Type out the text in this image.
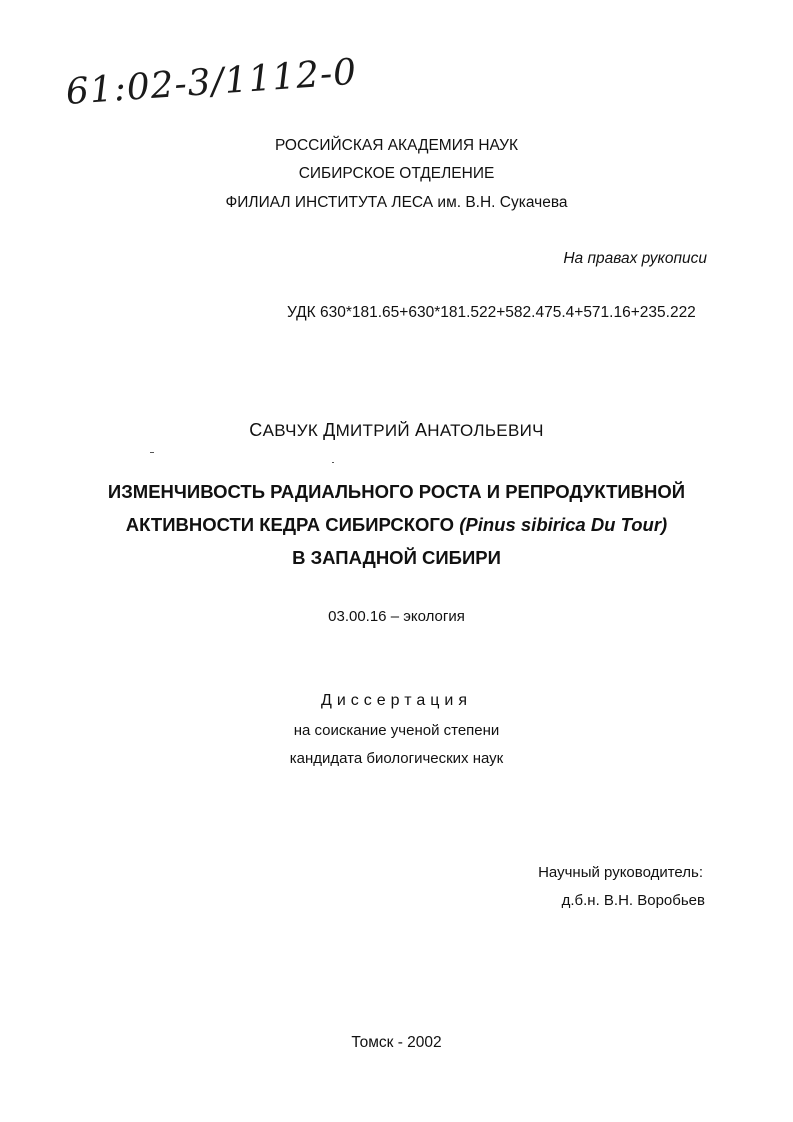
61:02-3/1112-0
РОССИЙСКАЯ АКАДЕМИЯ НАУК
СИБИРСКОЕ ОТДЕЛЕНИЕ
ФИЛИАЛ ИНСТИТУТА ЛЕСА им. В.Н. Сукачева
На правах рукописи
УДК 630*181.65+630*181.522+582.475.4+571.16+235.222
САВЧУК ДМИТРИЙ АНАТОЛЬЕВИЧ
ИЗМЕНЧИВОСТЬ РАДИАЛЬНОГО РОСТА И РЕПРОДУКТИВНОЙ
АКТИВНОСТИ КЕДРА СИБИРСКОГО (Pinus sibirica Du Tour)
В ЗАПАДНОЙ СИБИРИ
03.00.16 – экология
Диссертация
на соискание ученой степени
кандидата биологических наук
Научный руководитель:
д.б.н. В.Н. Воробьев
Томск - 2002
